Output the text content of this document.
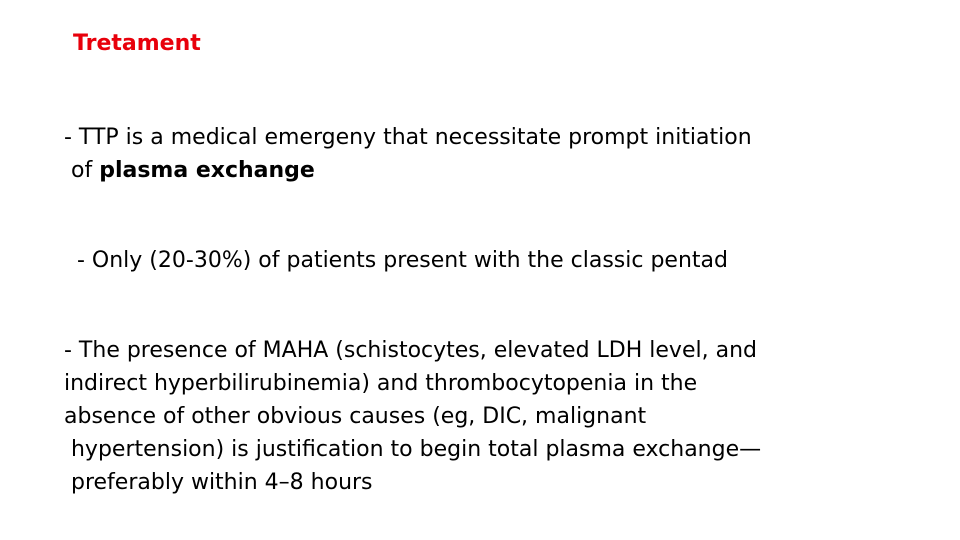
Tretament
- TTP is a medical emergeny that necessitate prompt initiation
of plasma exchange
- Only (20-30%) of patients present with the classic pentad
- The presence of MAHA (schistocytes, elevated LDH level, and
indirect hyperbilirubinemia) and thrombocytopenia in the
absence of other obvious causes (eg, DIC, malignant
hypertension) is justification to begin total plasma exchange—
preferably within 4–8 hours
